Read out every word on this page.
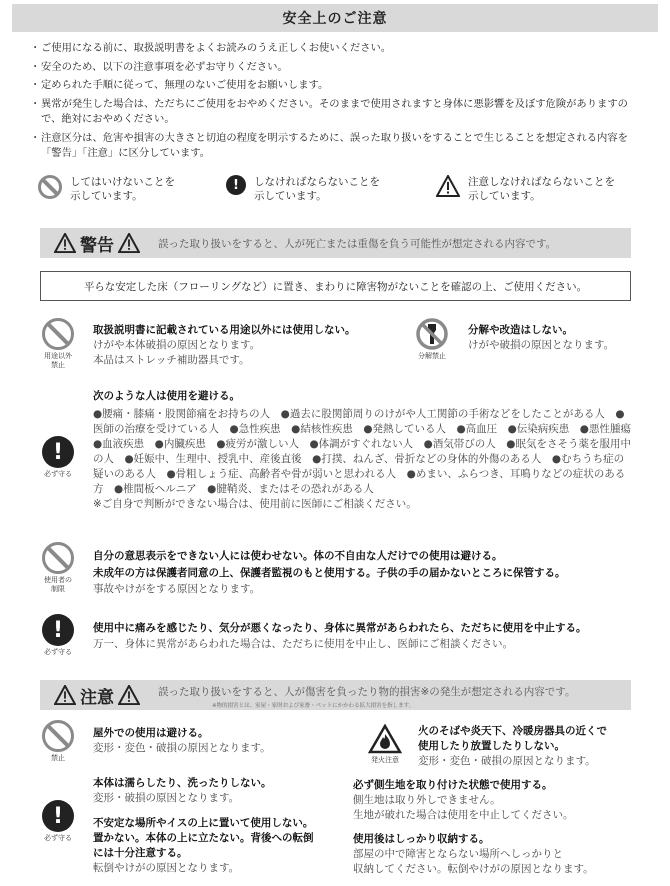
安全上のご注意
・ ご使用になる前に、取扱説明書をよくお読みのうえ正しくお使いください。
・ 安全のため、以下の注意事項を必ずお守りください。
・ 定められた手順に従って、無理のないご使用をお願いします。
・ 異常が発生した場合は、ただちにご使用をおやめください。そのままで使用されますと身体に悪影響を及ぼす危険がありますので、絶対におやめください。
・ 注意区分は、危害や損害の大きさと切迫の程度を明示するために、誤った取り扱いをすることで生じることを想定される内容を「警告」「注意」に区分しています。
してはいけないことを
示しています。
!	しなければならないことを
示しています。
注意しなければならないことを
示しています。
警告	誤った取り扱いをすると、人が死亡または重傷を負う可能性が想定される内容です。
平らな安定した床（フローリングなど）に置き、まわりに障害物がないことを確認の上、ご使用ください。
用途以外
禁止
取扱説明書に記載されている用途以外には使用しない。
けがや本体破損の原因となります。
本品はストレッチ補助器具です。	分解禁止
分解や改造はしない。
けがや破損の原因となります。
!
必ず守る
次のような人は使用を避ける。
●腰痛・膝痛・股関節痛をお持ちの人　●過去に股関節周りのけがや人工関節の手術などをしたことがある人　●医師の治療を受けている人　●急性疾患　●結核性疾患　●発熱している人　●高血圧　●伝染病疾患　●悪性腫瘍　●血液疾患　●内臓疾患　●疲労が激しい人　●体調がすぐれない人　●酒気帯びの人　●眠気をさそう薬を服用中の人　●妊娠中、生理中、授乳中、産後直後　●打撲、ねんざ、骨折などの身体的外傷のある人　●むちうち症の疑いのある人　●骨粗しょう症、高齢者や骨が弱いと思われる人　●めまい、ふらつき、耳鳴りなどの症状のある方　●椎間板ヘルニア　●腱鞘炎、またはその恐れがある人
※ご自身で判断ができない場合は、使用前に医師にご相談ください。
使用者の
制限
自分の意思表示をできない人には使わせない。体の不自由な人だけでの使用は避ける。
未成年の方は保護者同意の上、保護者監視のもと使用する。子供の手の届かないところに保管する。
事故やけがをする原因となります。
!
必ず守る
使用中に痛みを感じたり、気分が悪くなったり、身体に異常があらわれたら、ただちに使用を中止する。
万一、身体に異常があらわれた場合は、ただちに使用を中止し、医師にご相談ください。
注意	誤った取り扱いをすると、人が傷害を負ったり物的損害※の発生が想定される内容です。
※物的損害とは、家屋・家財および家畜・ペットにかかわる拡大損害を指します。
禁止
屋外での使用は避ける。
変形・変色・破損の原因となります。
発火注意
火のそばや炎天下、冷暖房器具の近くで
使用したり放置したりしない。
変形・変色・破損の原因となります。
本体は濡らしたり、洗ったりしない。
変形・破損の原因となります。
必ず側生地を取り付けた状態で使用する。
側生地は取り外しできません。
生地が破れた場合は使用を中止してください。
!
必ず守る
不安定な場所やイスの上に置いて使用しない。
置かない。本体の上に立たない。背後への転倒
には十分注意する。
転倒やけがの原因となります。
使用後はしっかり収納する。
部屋の中で障害とならない場所へしっかりと
収納してください。転倒やけがの原因となります。
